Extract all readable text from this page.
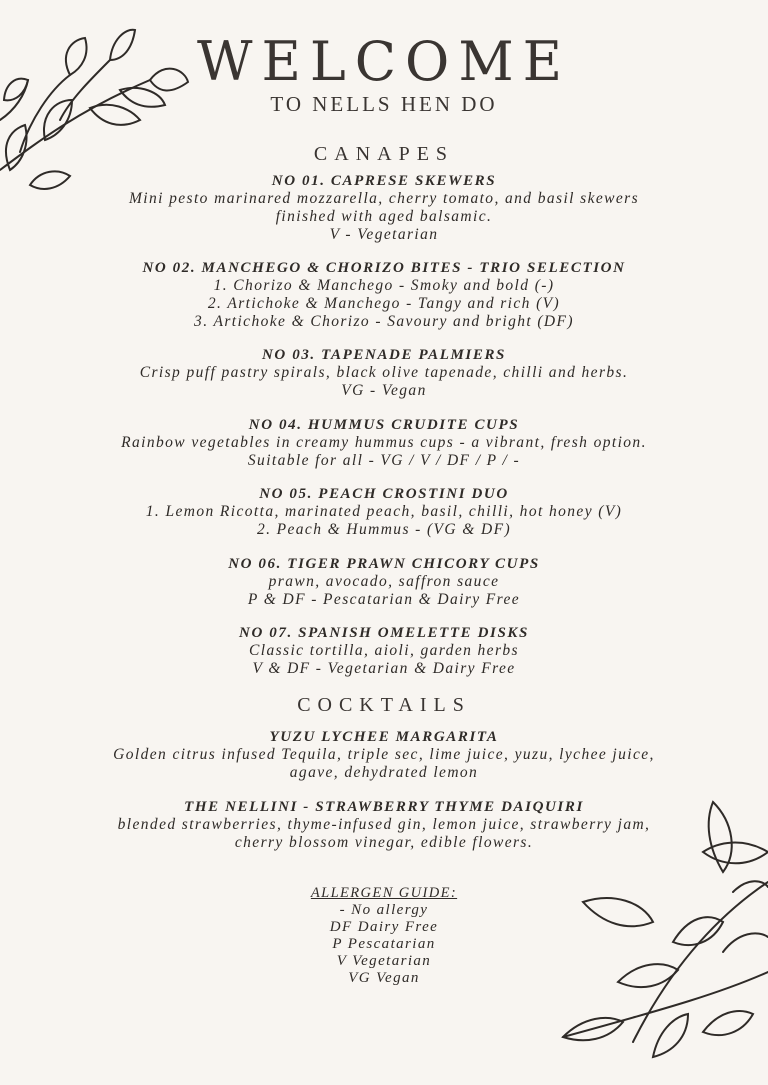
WELCOME
TO NELLS HEN DO
CANAPES
NO 01. CAPRESE SKEWERS
Mini pesto marinared mozzarella, cherry tomato, and basil skewers
finished with aged balsamic.
V - Vegetarian
NO 02. MANCHEGO & CHORIZO BITES - TRIO SELECTION
1. Chorizo & Manchego - Smoky and bold (-)
2. Artichoke & Manchego - Tangy and rich (V)
3. Artichoke & Chorizo - Savoury and bright (DF)
NO 03. TAPENADE PALMIERS
Crisp puff pastry spirals, black olive tapenade, chilli and herbs.
VG - Vegan
NO 04. HUMMUS CRUDITE CUPS
Rainbow vegetables in creamy hummus cups - a vibrant, fresh option.
Suitable for all - VG / V / DF / P / -
NO 05. PEACH CROSTINI DUO
1. Lemon Ricotta, marinated peach, basil, chilli, hot honey (V)
2. Peach & Hummus - (VG & DF)
NO 06. TIGER PRAWN CHICORY CUPS
prawn, avocado, saffron sauce
P & DF - Pescatarian & Dairy Free
NO 07. SPANISH OMELETTE DISKS
Classic tortilla, aioli, garden herbs
V & DF - Vegetarian & Dairy Free
COCKTAILS
YUZU LYCHEE MARGARITA
Golden citrus infused Tequila, triple sec, lime juice, yuzu, lychee juice,
agave, dehydrated lemon
THE NELLINI - STRAWBERRY THYME DAIQUIRI
blended strawberries, thyme-infused gin, lemon juice, strawberry jam,
cherry blossom vinegar, edible flowers.
ALLERGEN GUIDE:
- No allergy
DF Dairy Free
P Pescatarian
V Vegetarian
VG Vegan
